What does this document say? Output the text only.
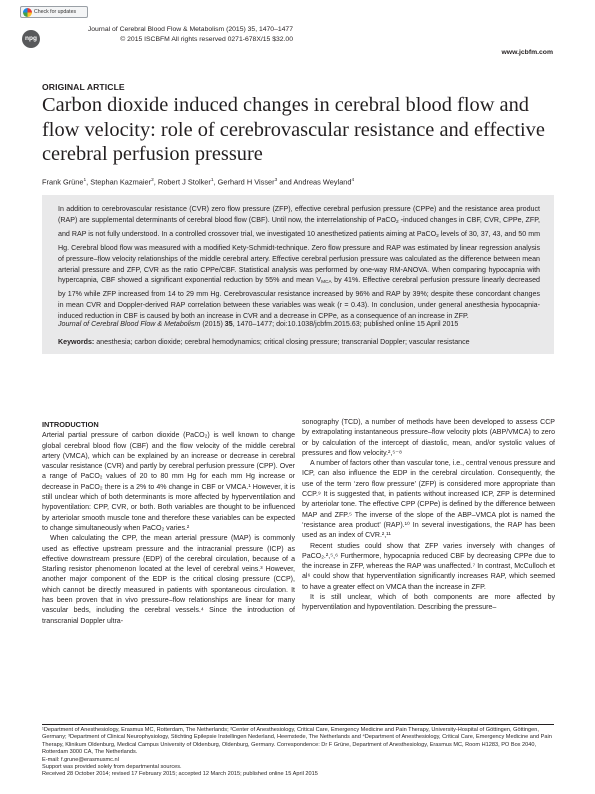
Check for updates
npg
Journal of Cerebral Blood Flow & Metabolism (2015) 35, 1470–1477
© 2015 ISCBFM All rights reserved 0271-678X/15 $32.00
www.jcbfm.com
ORIGINAL ARTICLE
Carbon dioxide induced changes in cerebral blood flow and flow velocity: role of cerebrovascular resistance and effective cerebral perfusion pressure
Frank Grüne$^1$, Stephan Kazmaier$^2$, Robert J Stolker$^1$, Gerhard H Visser$^3$ and Andreas Weyland$^4$
In addition to cerebrovascular resistance (CVR) zero flow pressure (ZFP), effective cerebral perfusion pressure (CPPe) and the resistance area product (RAP) are supplemental determinants of cerebral blood flow (CBF). Until now, the interrelationship of PaCO$_2$ -induced changes in CBF, CVR, CPPe, ZFP, and RAP is not fully understood. In a controlled crossover trial, we investigated 10 anesthetized patients aiming at PaCO$_2$ levels of 30, 37, 43, and 50 mm Hg. Cerebral blood flow was measured with a modified Kety-Schmidt-technique. Zero flow pressure and RAP was estimated by linear regression analysis of pressure–flow velocity relationships of the middle cerebral artery. Effective cerebral perfusion pressure was calculated as the difference between mean arterial pressure and ZFP, CVR as the ratio CPPe/CBF. Statistical analysis was performed by one-way RM-ANOVA. When comparing hypocapnia with hypercapnia, CBF showed a significant exponential reduction by 55% and mean $V_{MCA}$ by 41%. Effective cerebral perfusion pressure linearly decreased by 17% while ZFP increased from 14 to 29 mm Hg. Cerebrovascular resistance increased by 96% and RAP by 39%; despite these concordant changes in mean CVR and Doppler-derived RAP correlation between these variables was weak (r = 0.43). In conclusion, under general anesthesia hypocapnia-induced reduction in CBF is caused by both an increase in CVR and a decrease in CPPe, as a consequence of an increase in ZFP.
Journal of Cerebral Blood Flow & Metabolism (2015) 35, 1470–1477; doi:10.1038/jcbfm.2015.63; published online 15 April 2015
Keywords: anesthesia; carbon dioxide; cerebral hemodynamics; critical closing pressure; transcranial Doppler; vascular resistance
INTRODUCTION

Arterial partial pressure of carbon dioxide (PaCO₂) is well known to change global cerebral blood flow (CBF) and the flow velocity of the middle cerebral artery (VMCA), which can be explained by an increase or decrease in cerebral vascular resistance (CVR) and partly by cerebral perfusion pressure (CPP). Over a range of PaCO₂ values of 20 to 80 mm Hg for each mm Hg increase or decrease in PaCO₂ there is a 2% to 4% change in CBF or VMCA.¹ However, it is still unclear which of both determinants is more affected by hyperventilation and hypoventilation: CPP, CVR, or both. Both variables are thought to be influenced by arteriolar smooth muscle tone and therefore these variables can be expected to change simultaneously when PaCO₂ varies.²

When calculating the CPP, the mean arterial pressure (MAP) is commonly used as effective upstream pressure and the intracranial pressure (ICP) as effective downstream pressure (EDP) of the cerebral circulation, because of a Starling resistor phenomenon located at the level of cerebral veins.³ However, another major component of the EDP is the critical closing pressure (CCP), which cannot be directly measured in patients with spontaneous circulation. It has been proven that in vivo pressure–flow relationships are linear for many vascular beds, including the cerebral vessels.⁴ Since the introduction of transcranial Doppler ultra-

sonography (TCD), a number of methods have been developed to assess CCP by extrapolating instantaneous pressure–flow velocity plots (ABP/VMCA) to zero or by calculation of the intercept of diastolic, mean, and/or systolic values of pressures and flow velocity.²,⁵⁻⁸

A number of factors other than vascular tone, i.e., central venous pressure and ICP, can also influence the EDP in the cerebral circulation. Consequently, the use of the term ‘zero flow pressure’ (ZFP) is considered more appropriate than CCP.⁹ It is suggested that, in patients without increased ICP, ZFP is determined by arteriolar tone. The effective CPP (CPPe) is defined by the difference between MAP and ZFP.⁵ The inverse of the slope of the ABP–VMCA plot is named the ‘resistance area product’ (RAP).¹⁰ In several investigations, the RAP has been used as an index of CVR.²,¹¹

Recent studies could show that ZFP varies inversely with changes of PaCO₂.²,⁵,⁶ Furthermore, hypocapnia reduced CBF by decreasing CPPe due to the increase in ZFP, whereas the RAP was unaffected.⁷ In contrast, McCulloch et al⁶ could show that hyperventilation significantly increases RAP, which seemed to have a greater effect on VMCA than the increase in ZFP.

It is still unclear, which of both components are more affected by hyperventilation and hypoventilation. Describing the pressure–

¹Department of Anesthesiology, Erasmus MC, Rotterdam, The Netherlands; ²Center of Anesthesiology, Critical Care, Emergency Medicine and Pain Therapy, University-Hospital of Göttingen, Göttingen, Germany; ³Department of Clinical Neurophysiology, Stichting Epilepsie Instellingen Nederland, Heemstede, The Netherlands and ⁴Department of Anesthesiology, Critical Care, Emergency Medicine and Pain Therapy, Klinikum Oldenburg, Medical Campus University of Oldenburg, Oldenburg, Germany. Correspondence: Dr F Grüne, Department of Anesthesiology, Erasmus MC, Room H1283, PO Box 2040, Rotterdam 3000 CA, The Netherlands.

E-mail: f.grune@erasmusmc.nl

Support was provided solely from departmental sources.

Received 28 October 2014; revised 17 February 2015; accepted 12 March 2015; published online 15 April 2015
